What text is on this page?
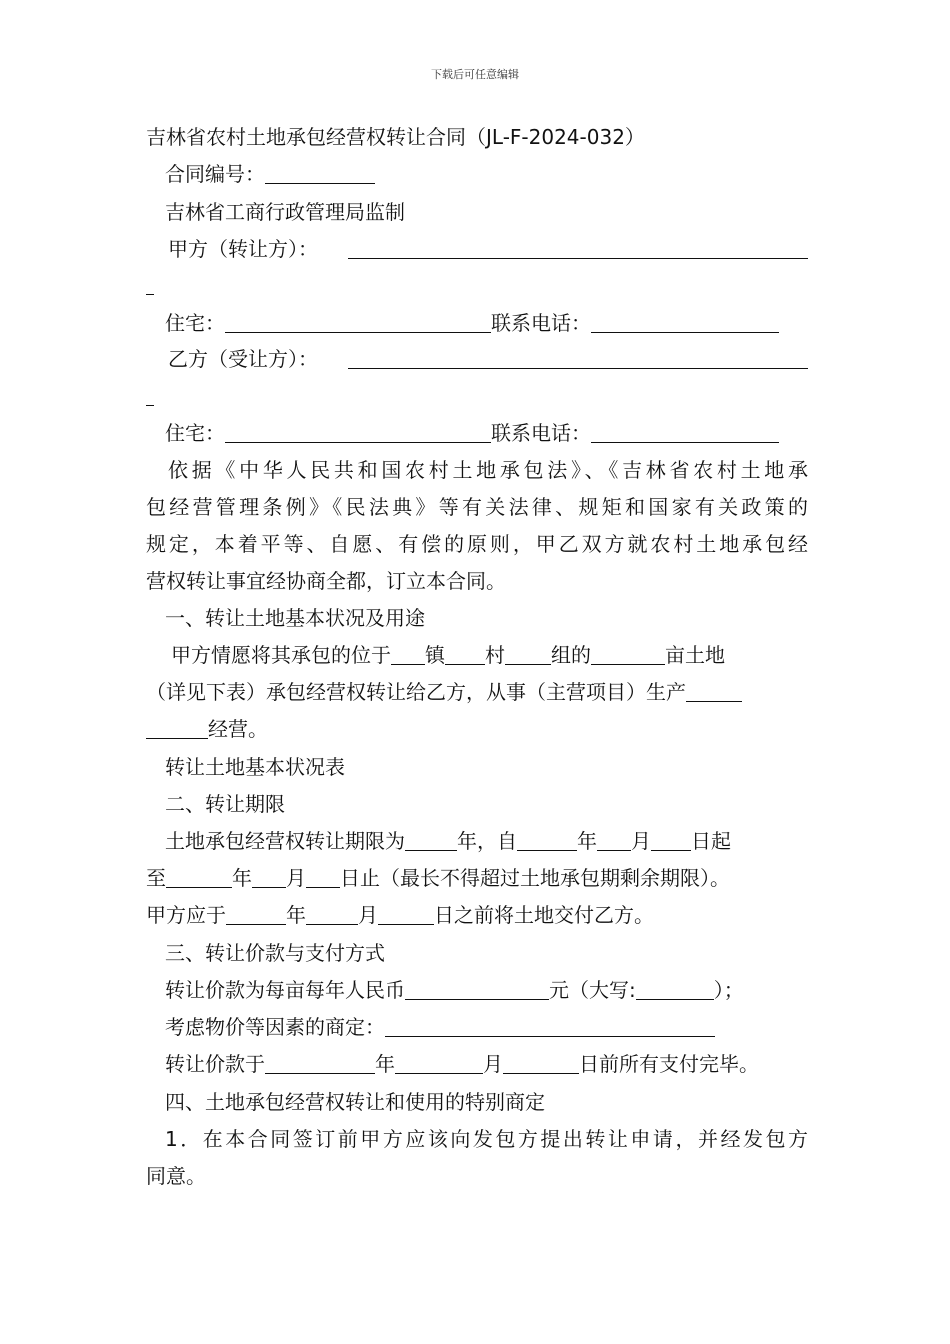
下载后可任意编辑
吉林省农村土地承包经营权转让合同（JL-F-2024-032）
合同编号：
吉林省工商行政管理局监制
甲方（转让方）：
住宅：	联系电话：
乙方（受让方）：
住宅：	联系电话：
依据《中华人民共和国农村土地承包法》、《吉林省农村土地承
包经营管理条例》《民法典》等有关法律、规矩和国家有关政策的
规定，本着平等、自愿、有偿的原则，甲乙双方就农村土地承包经
营权转让事宜经协商全都，订立本合同。
一、转让土地基本状况及用途
甲方情愿将其承包的位于 镇 村 组的	亩土地
（详见下表）承包经营权转让给乙方，从事（主营项目）生产
经营。
转让土地基本状况表
二、转让期限
土地承包经营权转让期限为	年，自	年 月 日起
至	年 月 日止（最长不得超过土地承包期剩余期限）。
甲方应于	年	月	日之前将土地交付乙方。
三、转让价款与支付方式
转让价款为每亩每年人民币	元（大写:	）；
考虑物价等因素的商定：
转让价款于	年	月	日前所有支付完毕。
四、土地承包经营权转让和使用的特别商定
1．在本合同签订前甲方应该向发包方提出转让申请，并经发包方
同意。
